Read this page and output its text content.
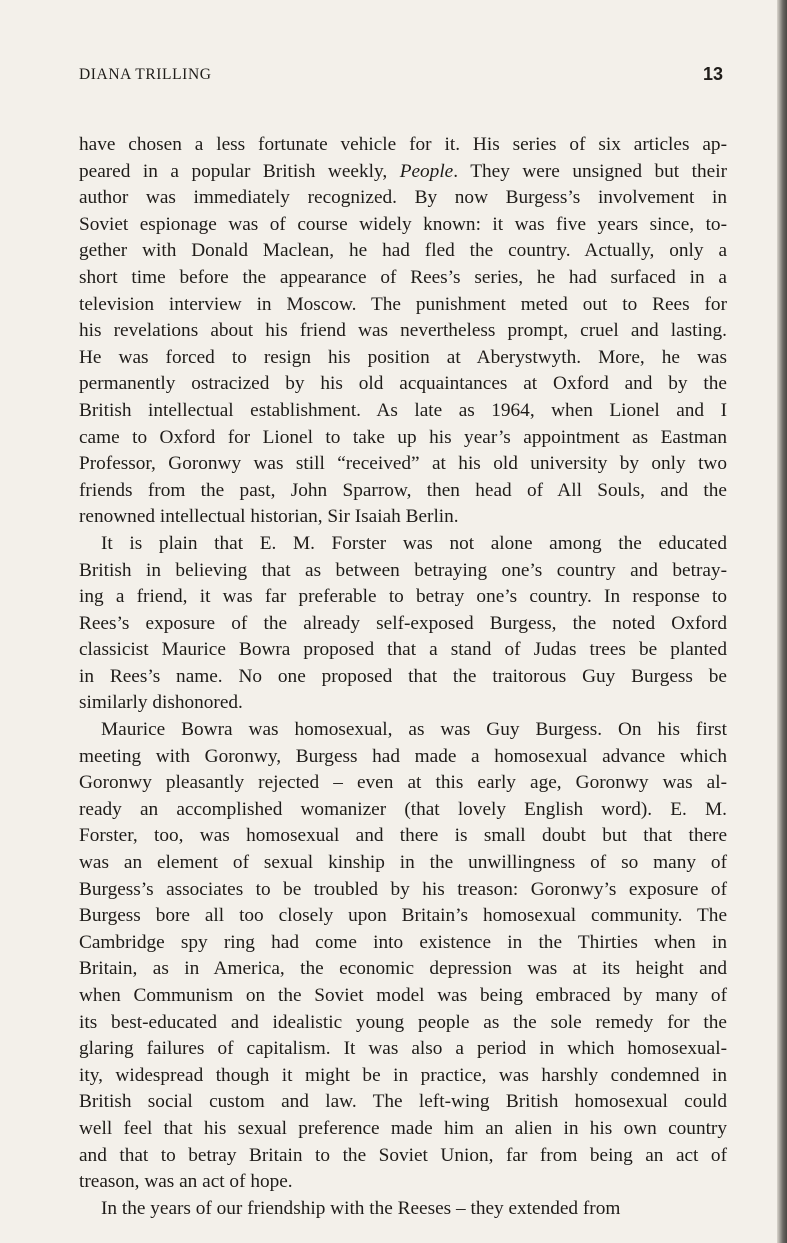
DIANA TRILLING	13
have chosen a less fortunate vehicle for it. His series of six articles ap-
peared in a popular British weekly, People. They were unsigned but their
author was immediately recognized. By now Burgess’s involvement in
Soviet espionage was of course widely known: it was five years since, to-
gether with Donald Maclean, he had fled the country. Actually, only a
short time before the appearance of Rees’s series, he had surfaced in a
television interview in Moscow. The punishment meted out to Rees for
his revelations about his friend was nevertheless prompt, cruel and lasting.
He was forced to resign his position at Aberystwyth. More, he was
permanently ostracized by his old acquaintances at Oxford and by the
British intellectual establishment. As late as 1964, when Lionel and I
came to Oxford for Lionel to take up his year’s appointment as Eastman
Professor, Goronwy was still “received” at his old university by only two
friends from the past, John Sparrow, then head of All Souls, and the
renowned intellectual historian, Sir Isaiah Berlin.
It is plain that E. M. Forster was not alone among the educated
British in believing that as between betraying one’s country and betray-
ing a friend, it was far preferable to betray one’s country. In response to
Rees’s exposure of the already self-exposed Burgess, the noted Oxford
classicist Maurice Bowra proposed that a stand of Judas trees be planted
in Rees’s name. No one proposed that the traitorous Guy Burgess be
similarly dishonored.
Maurice Bowra was homosexual, as was Guy Burgess. On his first
meeting with Goronwy, Burgess had made a homosexual advance which
Goronwy pleasantly rejected – even at this early age, Goronwy was al-
ready an accomplished womanizer (that lovely English word). E. M.
Forster, too, was homosexual and there is small doubt but that there
was an element of sexual kinship in the unwillingness of so many of
Burgess’s associates to be troubled by his treason: Goronwy’s exposure of
Burgess bore all too closely upon Britain’s homosexual community. The
Cambridge spy ring had come into existence in the Thirties when in
Britain, as in America, the economic depression was at its height and
when Communism on the Soviet model was being embraced by many of
its best-educated and idealistic young people as the sole remedy for the
glaring failures of capitalism. It was also a period in which homosexual-
ity, widespread though it might be in practice, was harshly condemned in
British social custom and law. The left-wing British homosexual could
well feel that his sexual preference made him an alien in his own country
and that to betray Britain to the Soviet Union, far from being an act of
treason, was an act of hope.
In the years of our friendship with the Reeses – they extended from
